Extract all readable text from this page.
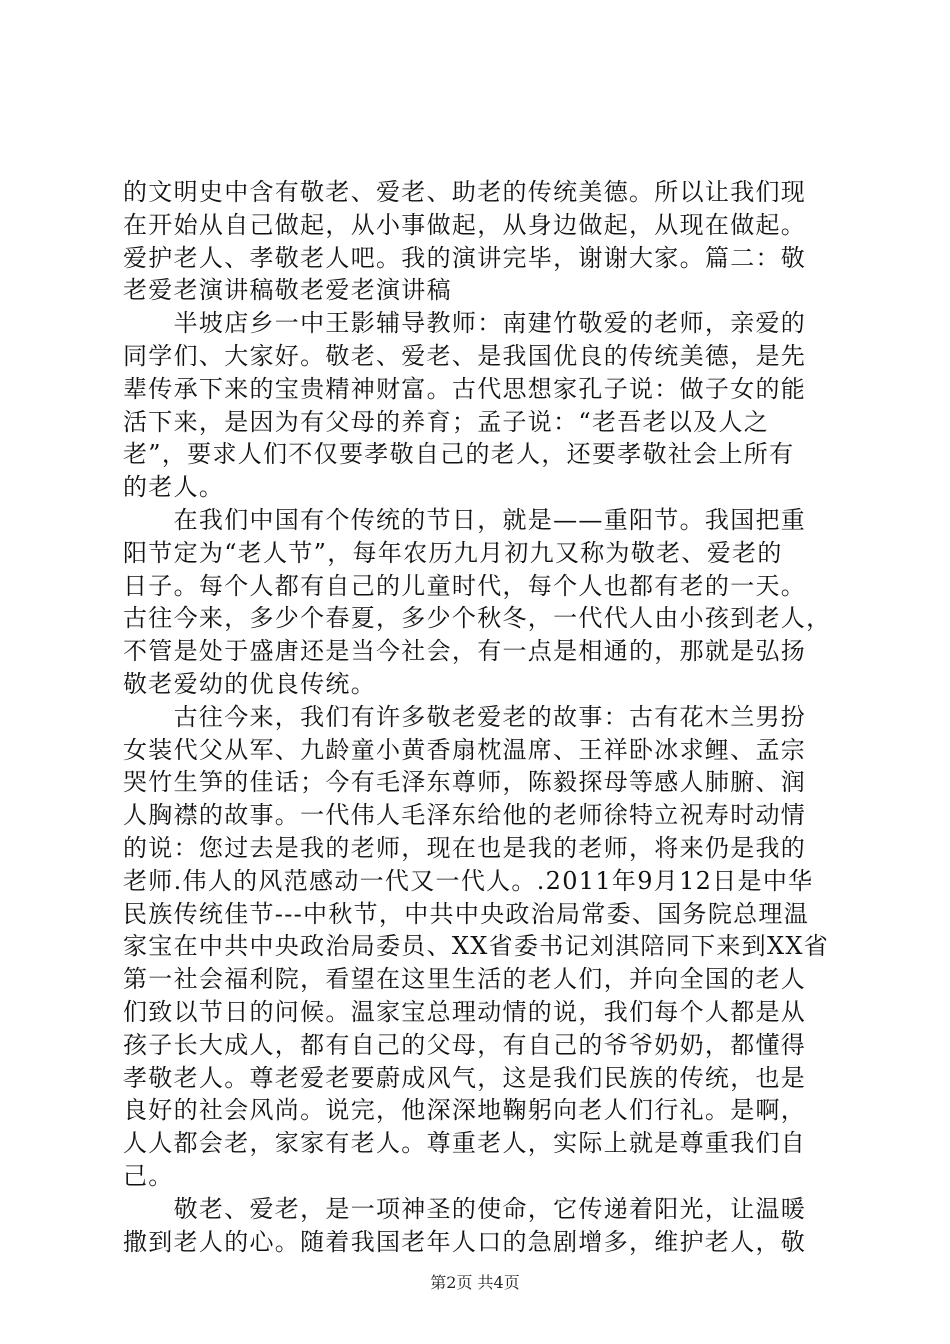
的文明史中含有敬老、爱老、助老的传统美德。所以让我们现
在开始从自己做起，从小事做起，从身边做起，从现在做起。
爱护老人、孝敬老人吧。我的演讲完毕，谢谢大家。篇二：敬
老爱老演讲稿敬老爱老演讲稿
　　半坡店乡一中王影辅导教师：南建竹敬爱的老师，亲爱的
同学们、大家好。敬老、爱老、是我国优良的传统美德，是先
辈传承下来的宝贵精神财富。古代思想家孔子说：做子女的能
活下来，是因为有父母的养育；孟子说：“老吾老以及人之
老”，要求人们不仅要孝敬自己的老人，还要孝敬社会上所有
的老人。
　　在我们中国有个传统的节日，就是——重阳节。我国把重
阳节定为“老人节”，每年农历九月初九又称为敬老、爱老的
日子。每个人都有自己的儿童时代，每个人也都有老的一天。
古往今来，多少个春夏，多少个秋冬，一代代人由小孩到老人，
不管是处于盛唐还是当今社会，有一点是相通的，那就是弘扬
敬老爱幼的优良传统。
　　古往今来，我们有许多敬老爱老的故事：古有花木兰男扮
女装代父从军、九龄童小黄香扇枕温席、王祥卧冰求鲤、孟宗
哭竹生笋的佳话；今有毛泽东尊师，陈毅探母等感人肺腑、润
人胸襟的故事。一代伟人毛泽东给他的老师徐特立祝寿时动情
的说：您过去是我的老师，现在也是我的老师，将来仍是我的
老师.伟人的风范感动一代又一代人。.2011年9月12日是中华
民族传统佳节---中秋节，中共中央政治局常委、国务院总理温
家宝在中共中央政治局委员、XX省委书记刘淇陪同下来到XX省
第一社会福利院，看望在这里生活的老人们，并向全国的老人
们致以节日的问候。温家宝总理动情的说，我们每个人都是从
孩子长大成人，都有自己的父母，有自己的爷爷奶奶，都懂得
孝敬老人。尊老爱老要蔚成风气，这是我们民族的传统，也是
良好的社会风尚。说完，他深深地鞠躬向老人们行礼。是啊，
人人都会老，家家有老人。尊重老人，实际上就是尊重我们自
己。
　　敬老、爱老，是一项神圣的使命，它传递着阳光，让温暖
撒到老人的心。随着我国老年人口的急剧增多，维护老人，敬
第2页 共4页
